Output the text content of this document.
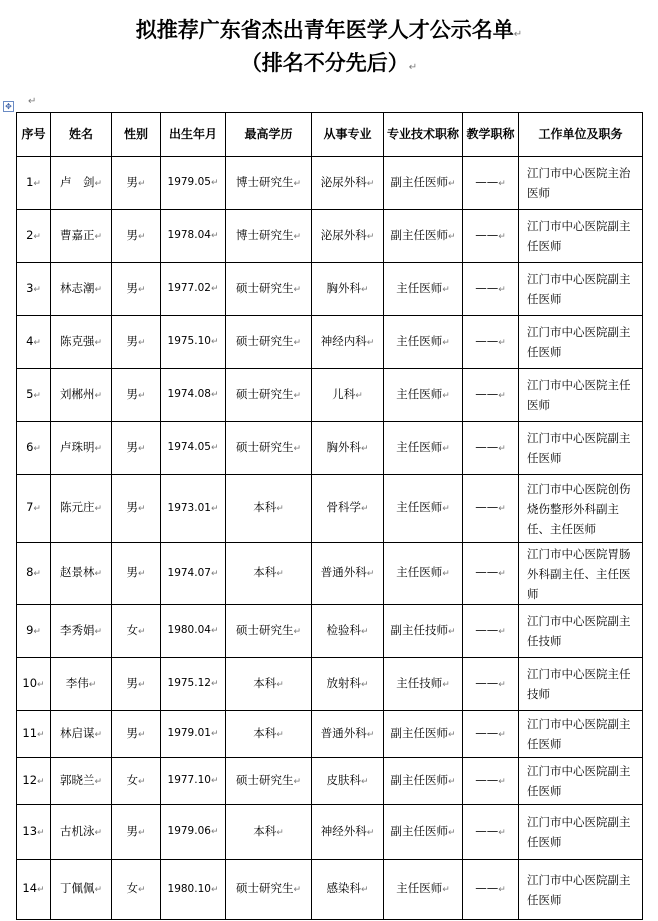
拟推荐广东省杰出青年医学人才公示名单↵
（排名不分先后）↵
✥ ↵
序号	姓名	性别	出生年月	最高学历	从事专业	专业技术职称	教学职称	工作单位及职务
1↵	卢　剑↵	男↵	1979.05↵	博士研究生↵	泌尿外科↵	副主任医师↵	——↵	江门市中心医院主治医师
2↵	曹嘉正↵	男↵	1978.04↵	博士研究生↵	泌尿外科↵	副主任医师↵	——↵	江门市中心医院副主任医师
3↵	林志潮↵	男↵	1977.02↵	硕士研究生↵	胸外科↵	主任医师↵	——↵	江门市中心医院副主任医师
4↵	陈克强↵	男↵	1975.10↵	硕士研究生↵	神经内科↵	主任医师↵	——↵	江门市中心医院副主任医师
5↵	刘郴州↵	男↵	1974.08↵	硕士研究生↵	儿科↵	主任医师↵	——↵	江门市中心医院主任医师
6↵	卢珠明↵	男↵	1974.05↵	硕士研究生↵	胸外科↵	主任医师↵	——↵	江门市中心医院副主任医师
7↵	陈元庄↵	男↵	1973.01↵	本科↵	骨科学↵	主任医师↵	——↵	江门市中心医院创伤烧伤整形外科副主任、主任医师
8↵	赵景林↵	男↵	1974.07↵	本科↵	普通外科↵	主任医师↵	——↵	江门市中心医院胃肠外科副主任、主任医师
9↵	李秀娟↵	女↵	1980.04↵	硕士研究生↵	检验科↵	副主任技师↵	——↵	江门市中心医院副主任技师
10↵	李伟↵	男↵	1975.12↵	本科↵	放射科↵	主任技师↵	——↵	江门市中心医院主任技师
11↵	林启谋↵	男↵	1979.01↵	本科↵	普通外科↵	副主任医师↵	——↵	江门市中心医院副主任医师
12↵	郭晓兰↵	女↵	1977.10↵	硕士研究生↵	皮肤科↵	副主任医师↵	——↵	江门市中心医院副主任医师
13↵	古机泳↵	男↵	1979.06↵	本科↵	神经外科↵	副主任医师↵	——↵	江门市中心医院副主任医师
14↵	丁佩佩↵	女↵	1980.10↵	硕士研究生↵	感染科↵	主任医师↵	——↵	江门市中心医院副主任医师
